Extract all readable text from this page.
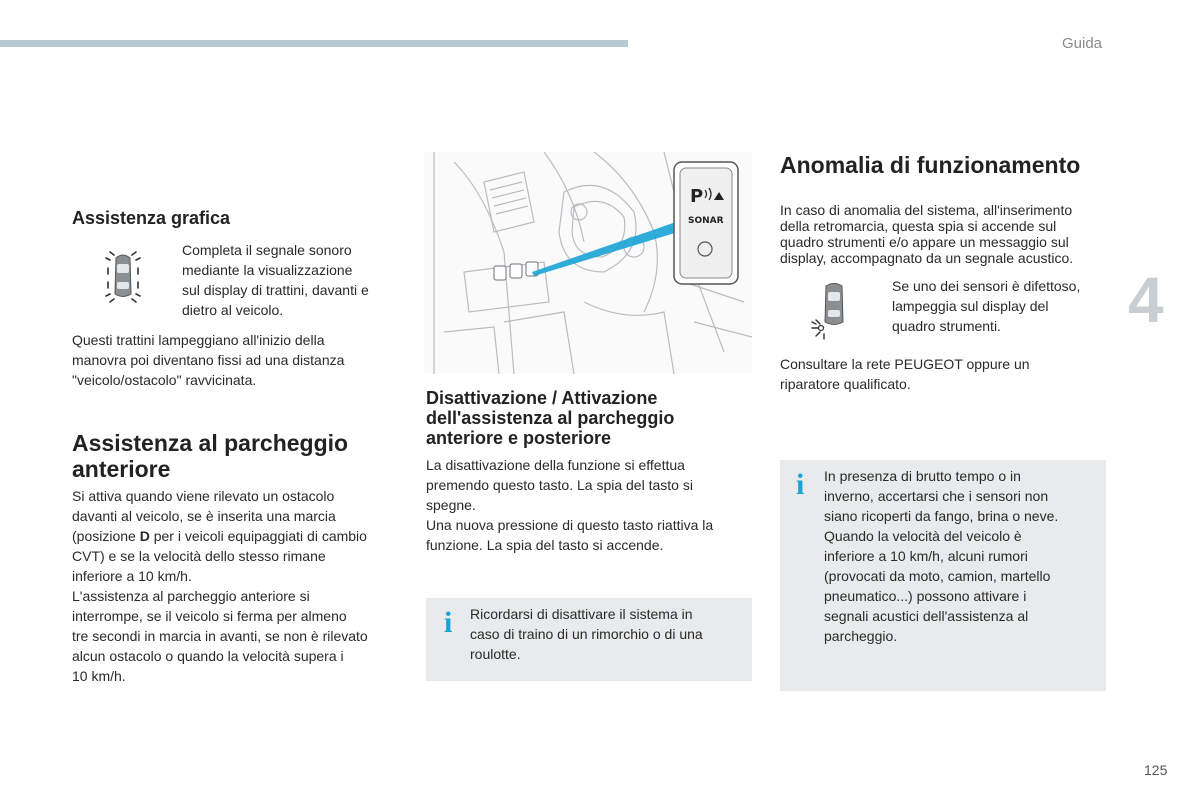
Guida
4
125
Assistenza grafica

Completa il segnale sonoro

mediante la visualizzazione

sul display di trattini, davanti e

dietro al veicolo.

Questi trattini lampeggiano all'inizio della

manovra poi diventano fissi ad una distanza

"veicolo/ostacolo" ravvicinata.

Assistenza al parcheggio
anteriore

Si attiva quando viene rilevato un ostacolo

davanti al veicolo, se è inserita una marcia

(posizione D per i veicoli equipaggiati di cambio

CVT) e se la velocità dello stesso rimane

inferiore a 10 km/h.

L'assistenza al parcheggio anteriore si

interrompe, se il veicolo si ferma per almeno

tre secondi in marcia in avanti, se non è rilevato

alcun ostacolo o quando la velocità supera i

10 km/h.

P
SONAR
Disattivazione / Attivazione
dell'assistenza al parcheggio
anteriore e posteriore

La disattivazione della funzione si effettua

premendo questo tasto. La spia del tasto si

spegne.

Una nuova pressione di questo tasto riattiva la

funzione. La spia del tasto si accende.

i Ricordarsi di disattivare il sistema in

caso di traino di un rimorchio o di una

roulotte.

Anomalia di funzionamento

In caso di anomalia del sistema, all'inserimento

della retromarcia, questa spia si accende sul

quadro strumenti e/o appare un messaggio sul

display, accompagnato da un segnale acustico.

Se uno dei sensori è difettoso,

lampeggia sul display del

quadro strumenti.

Consultare la rete PEUGEOT oppure un

riparatore qualificato.

i In presenza di brutto tempo o in

inverno, accertarsi che i sensori non

siano ricoperti da fango, brina o neve.

Quando la velocità del veicolo è

inferiore a 10 km/h, alcuni rumori

(provocati da moto, camion, martello

pneumatico...) possono attivare i

segnali acustici dell'assistenza al

parcheggio.
